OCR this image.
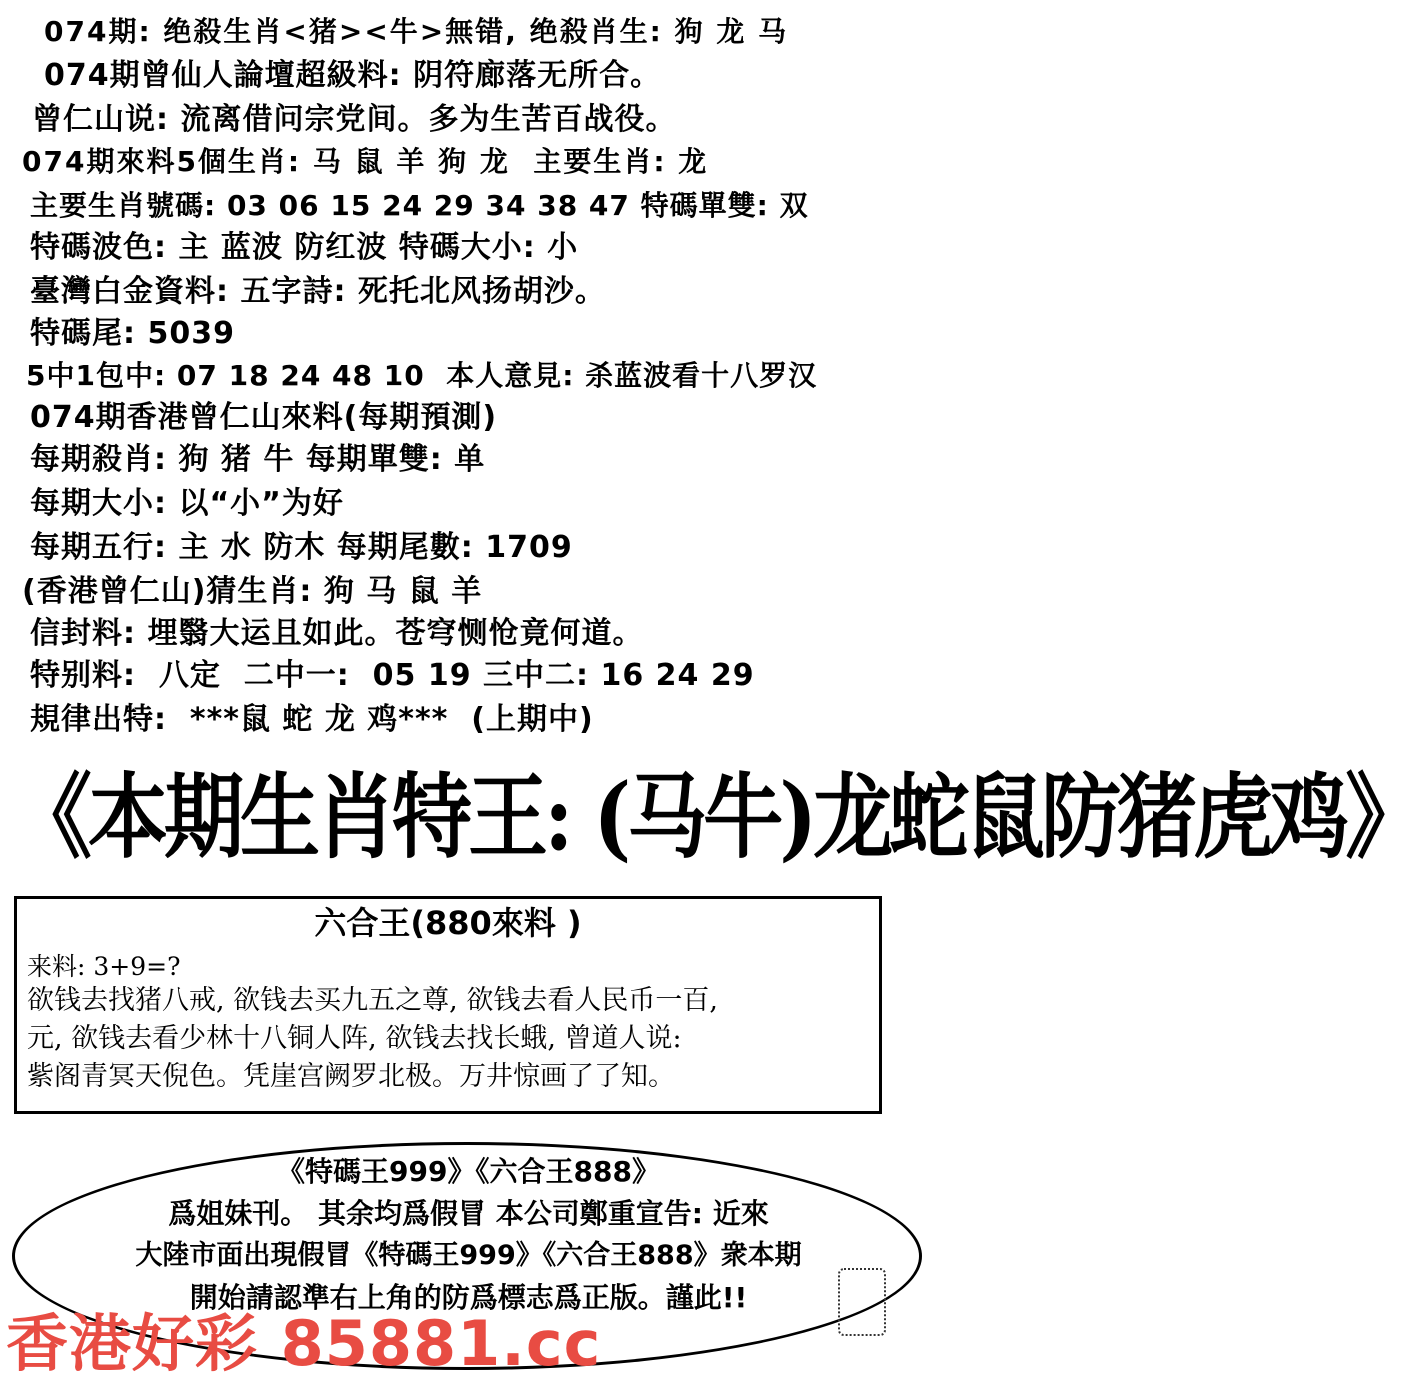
074期: 绝殺生肖<猪><牛>無错, 绝殺肖生: 狗 龙 马
074期曾仙人論壇超級料: 阴符廊落无所合。
曾仁山说: 流离借问宗党间。多为生苦百战役。
074期來料5個生肖: 马 鼠 羊 狗 龙  主要生肖: 龙
主要生肖號碼: 03 06 15 24 29 34 38 47 特碼單雙: 双
特碼波色: 主 蓝波 防红波 特碼大小: 小
臺灣白金資料: 五字詩: 死托北风扬胡沙。
特碼尾: 5039
5中1包中: 07 18 24 48 10  本人意見: 杀蓝波看十八罗汉
074期香港曾仁山來料(每期預測)
每期殺肖: 狗 猪 牛 每期單雙: 单
每期大小: 以“小”为好
每期五行: 主 水 防木 每期尾數: 1709
(香港曾仁山)猜生肖: 狗 马 鼠 羊
信封料: 埋翳大运且如此。苍穹恻怆竟何道。
特别料:  八定  二中一:  05 19 三中二: 16 24 29
規律出特:  ***鼠 蛇 龙 鸡***  (上期中)
《本期生肖特王: (马牛)龙蛇鼠防猪虎鸡》
六合王(880來料 )
来料: 3+9=?
欲钱去找猪八戒, 欲钱去买九五之尊, 欲钱去看人民币一百,
元, 欲钱去看少林十八铜人阵, 欲钱去找长蛾, 曾道人说:
紫阁青冥天倪色。凭崖宫阙罗北极。万井惊画了了知。
《特碼王999》《六合王888》
爲姐妹刊。 其余均爲假冒 本公司鄭重宣告: 近來
大陸市面出現假冒《特碼王999》《六合王888》衆本期
開始請認準右上角的防爲標志爲正版。謹此!!
香港好彩 85881.cc
